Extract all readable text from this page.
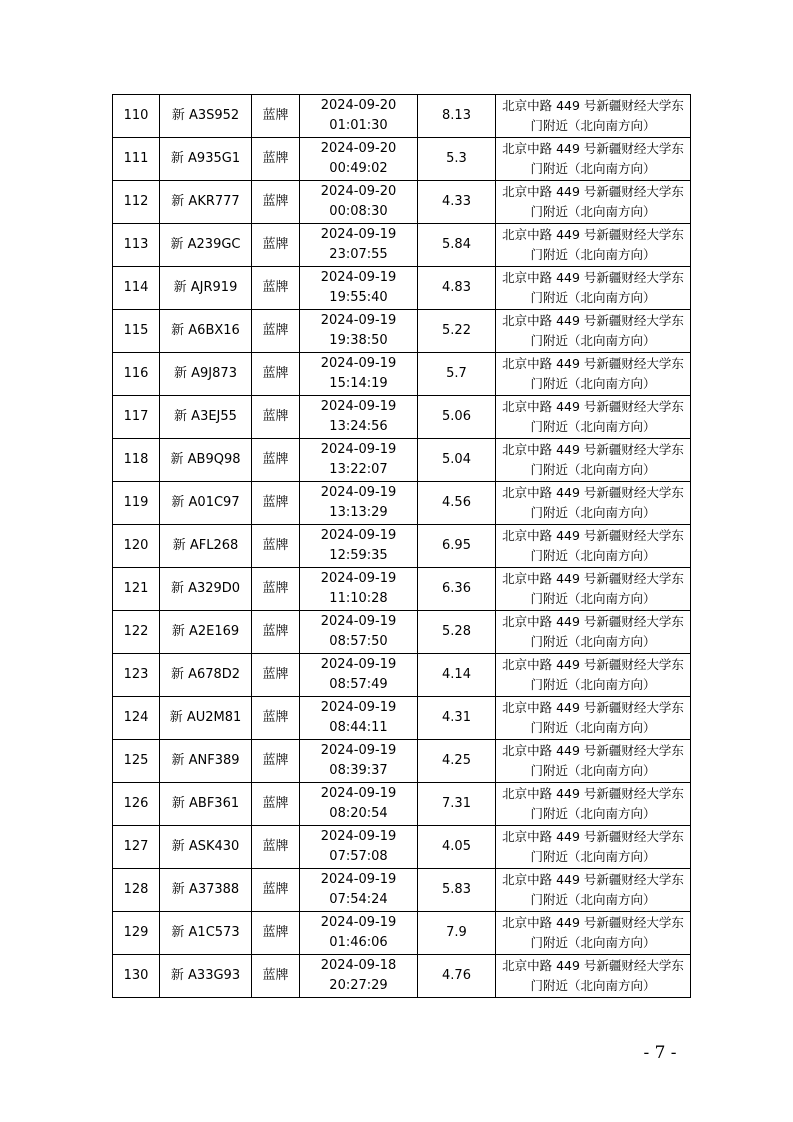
110	新 A3S952	蓝牌	2024-09-20
01:01:30	8.13	北京中路 449 号新疆财经大学东
门附近（北向南方向）
111	新 A935G1	蓝牌	2024-09-20
00:49:02	5.3	北京中路 449 号新疆财经大学东
门附近（北向南方向）
112	新 AKR777	蓝牌	2024-09-20
00:08:30	4.33	北京中路 449 号新疆财经大学东
门附近（北向南方向）
113	新 A239GC	蓝牌	2024-09-19
23:07:55	5.84	北京中路 449 号新疆财经大学东
门附近（北向南方向）
114	新 AJR919	蓝牌	2024-09-19
19:55:40	4.83	北京中路 449 号新疆财经大学东
门附近（北向南方向）
115	新 A6BX16	蓝牌	2024-09-19
19:38:50	5.22	北京中路 449 号新疆财经大学东
门附近（北向南方向）
116	新 A9J873	蓝牌	2024-09-19
15:14:19	5.7	北京中路 449 号新疆财经大学东
门附近（北向南方向）
117	新 A3EJ55	蓝牌	2024-09-19
13:24:56	5.06	北京中路 449 号新疆财经大学东
门附近（北向南方向）
118	新 AB9Q98	蓝牌	2024-09-19
13:22:07	5.04	北京中路 449 号新疆财经大学东
门附近（北向南方向）
119	新 A01C97	蓝牌	2024-09-19
13:13:29	4.56	北京中路 449 号新疆财经大学东
门附近（北向南方向）
120	新 AFL268	蓝牌	2024-09-19
12:59:35	6.95	北京中路 449 号新疆财经大学东
门附近（北向南方向）
121	新 A329D0	蓝牌	2024-09-19
11:10:28	6.36	北京中路 449 号新疆财经大学东
门附近（北向南方向）
122	新 A2E169	蓝牌	2024-09-19
08:57:50	5.28	北京中路 449 号新疆财经大学东
门附近（北向南方向）
123	新 A678D2	蓝牌	2024-09-19
08:57:49	4.14	北京中路 449 号新疆财经大学东
门附近（北向南方向）
124	新 AU2M81	蓝牌	2024-09-19
08:44:11	4.31	北京中路 449 号新疆财经大学东
门附近（北向南方向）
125	新 ANF389	蓝牌	2024-09-19
08:39:37	4.25	北京中路 449 号新疆财经大学东
门附近（北向南方向）
126	新 ABF361	蓝牌	2024-09-19
08:20:54	7.31	北京中路 449 号新疆财经大学东
门附近（北向南方向）
127	新 ASK430	蓝牌	2024-09-19
07:57:08	4.05	北京中路 449 号新疆财经大学东
门附近（北向南方向）
128	新 A37388	蓝牌	2024-09-19
07:54:24	5.83	北京中路 449 号新疆财经大学东
门附近（北向南方向）
129	新 A1C573	蓝牌	2024-09-19
01:46:06	7.9	北京中路 449 号新疆财经大学东
门附近（北向南方向）
130	新 A33G93	蓝牌	2024-09-18
20:27:29	4.76	北京中路 449 号新疆财经大学东
门附近（北向南方向）
- 7 -
